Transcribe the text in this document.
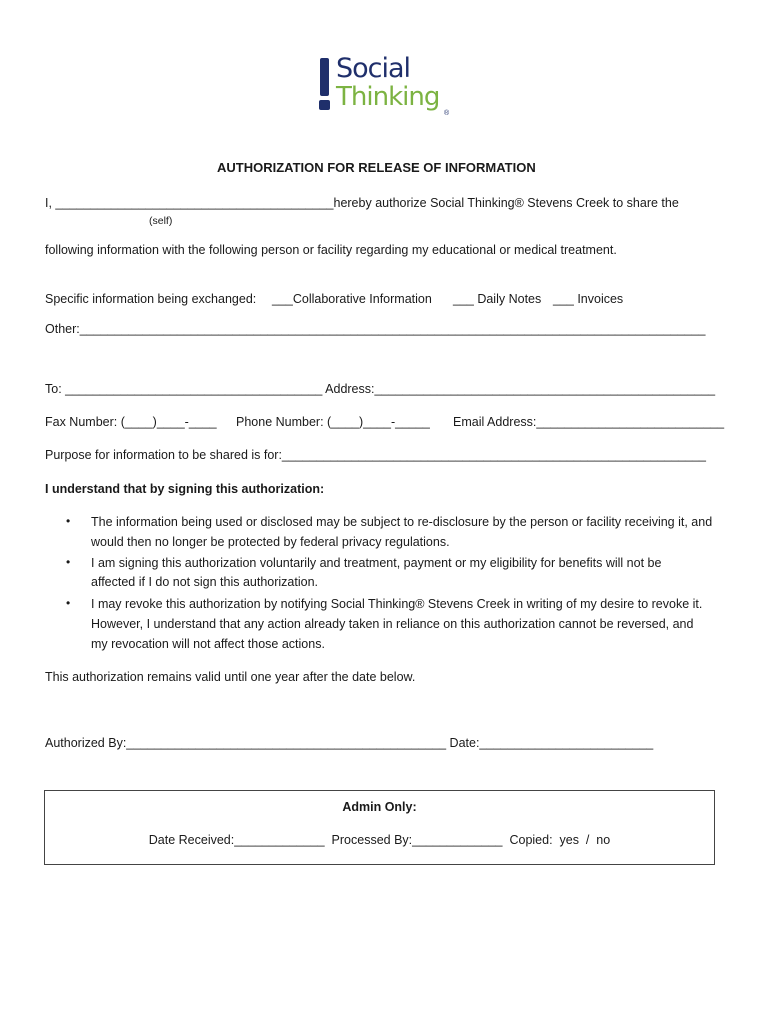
Social
Thinking
®
AUTHORIZATION FOR RELEASE OF INFORMATION
I, ________________________________________hereby authorize Social Thinking® Stevens Creek to share the
(self)
following information with the following person or facility regarding my educational or medical treatment.
Specific information being exchanged: ___Collaborative Information ___ Daily Notes ___ Invoices
Other:__________________________________________________________________________________________
To: _____________________________________ Address:_________________________________________________
Fax Number: (____)____-____ Phone Number: (____)____-_____ Email Address:___________________________
Purpose for information to be shared is for:_____________________________________________________________
I understand that by signing this authorization:
• The information being used or disclosed may be subject to re-disclosure by the person or facility receiving it, and
would then no longer be protected by federal privacy regulations.
• I am signing this authorization voluntarily and treatment, payment or my eligibility for benefits will not be
affected if I do not sign this authorization.
• I may revoke this authorization by notifying Social Thinking® Stevens Creek in writing of my desire to revoke it.
However, I understand that any action already taken in reliance on this authorization cannot be reversed, and
my revocation will not affect those actions.
This authorization remains valid until one year after the date below.
Authorized By:______________________________________________ Date:_________________________
Admin Only:
Date Received:_____________  Processed By:_____________  Copied:  yes  /  no
